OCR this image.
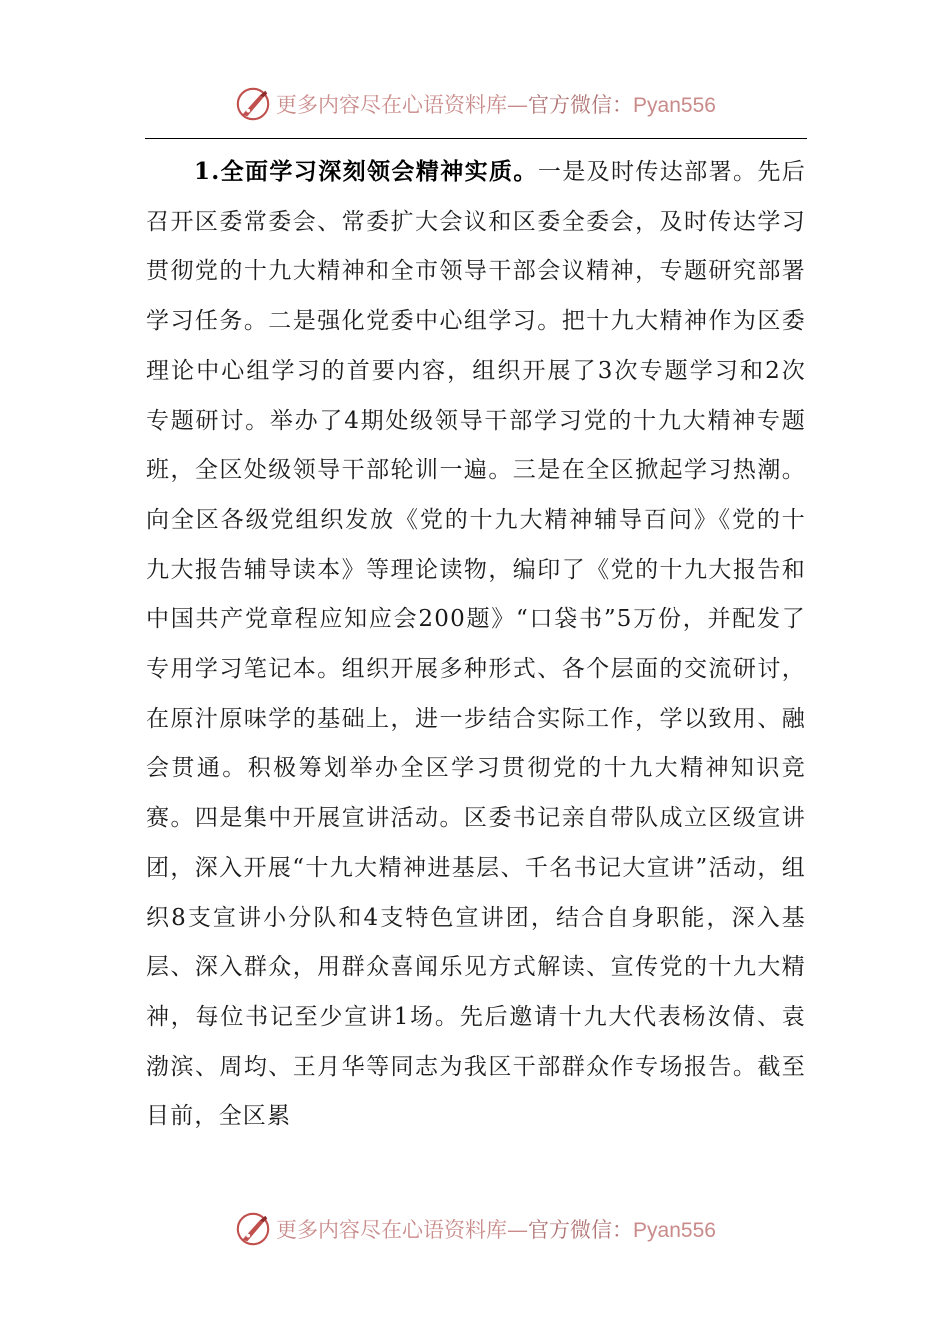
更多内容尽在心语资料库—官方微信：Pyan556

1.全面学习深刻领会精神实质。一是及时传达部署。先后召开区委常委会、常委扩大会议和区委全委会，及时传达学习贯彻党的十九大精神和全市领导干部会议精神，专题研究部署学习任务。二是强化党委中心组学习。把十九大精神作为区委理论中心组学习的首要内容，组织开展了3次专题学习和2次专题研讨。举办了4期处级领导干部学习党的十九大精神专题班，全区处级领导干部轮训一遍。三是在全区掀起学习热潮。向全区各级党组织发放《党的十九大精神辅导百问》《党的十九大报告辅导读本》等理论读物，编印了《党的十九大报告和中国共产党章程应知应会200题》“口袋书”5万份，并配发了专用学习笔记本。组织开展多种形式、各个层面的交流研讨，在原汁原味学的基础上，进一步结合实际工作，学以致用、融会贯通。积极筹划举办全区学习贯彻党的十九大精神知识竞赛。四是集中开展宣讲活动。区委书记亲自带队成立区级宣讲团，深入开展“十九大精神进基层、千名书记大宣讲”活动，组织8支宣讲小分队和4支特色宣讲团，结合自身职能，深入基层、深入群众，用群众喜闻乐见方式解读、宣传党的十九大精神，每位书记至少宣讲1场。先后邀请十九大代表杨汝倩、袁渤滨、周均、王月华等同志为我区干部群众作专场报告。截至目前，全区累

更多内容尽在心语资料库—官方微信：Pyan556
